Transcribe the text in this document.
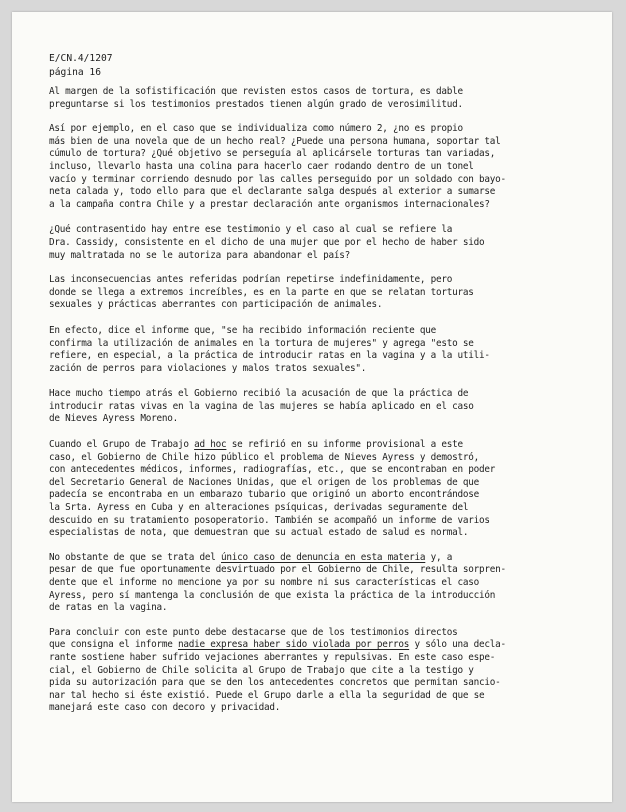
E/CN.4/1207
página 16
Al margen de la sofistificación que revisten estos casos de tortura, es dable
preguntarse si los testimonios prestados tienen algún grado de verosimilitud.
Así por ejemplo, en el caso que se individualiza como número 2, ¿no es propio
más bien de una novela que de un hecho real? ¿Puede una persona humana, soportar tal
cúmulo de tortura? ¿Qué objetivo se perseguía al aplicársele torturas tan variadas,
incluso, llevarlo hasta una colina para hacerlo caer rodando dentro de un tonel
vacío y terminar corriendo desnudo por las calles perseguido por un soldado con bayo-
neta calada y, todo ello para que el declarante salga después al exterior a sumarse
a la campaña contra Chile y a prestar declaración ante organismos internacionales?
¿Qué contrasentido hay entre ese testimonio y el caso al cual se refiere la
Dra. Cassidy, consistente en el dicho de una mujer que por el hecho de haber sido
muy maltratada no se le autoriza para abandonar el país?
Las inconsecuencias antes referidas podrían repetirse indefinidamente, pero
donde se llega a extremos increíbles, es en la parte en que se relatan torturas
sexuales y prácticas aberrantes con participación de animales.
En efecto, dice el informe que, "se ha recibido información reciente que
confirma la utilización de animales en la tortura de mujeres" y agrega "esto se
refiere, en especial, a la práctica de introducir ratas en la vagina y a la utili-
zación de perros para violaciones y malos tratos sexuales".
Hace mucho tiempo atrás el Gobierno recibió la acusación de que la práctica de
introducir ratas vivas en la vagina de las mujeres se había aplicado en el caso
de Nieves Ayress Moreno.
Cuando el Grupo de Trabajo ad hoc se refirió en su informe provisional a este
caso, el Gobierno de Chile hizo público el problema de Nieves Ayress y demostró,
con antecedentes médicos, informes, radiografías, etc., que se encontraban en poder
del Secretario General de Naciones Unidas, que el origen de los problemas de que
padecía se encontraba en un embarazo tubario que originó un aborto encontrándose
la Srta. Ayress en Cuba y en alteraciones psíquicas, derivadas seguramente del
descuido en su tratamiento posoperatorio. También se acompañó un informe de varios
especialistas de nota, que demuestran que su actual estado de salud es normal.
No obstante de que se trata del único caso de denuncia en esta materia y, a
pesar de que fue oportunamente desvirtuado por el Gobierno de Chile, resulta sorpren-
dente que el informe no mencione ya por su nombre ni sus características el caso
Ayress, pero sí mantenga la conclusión de que exista la práctica de la introducción
de ratas en la vagina.
Para concluir con este punto debe destacarse que de los testimonios directos
que consigna el informe nadie expresa haber sido violada por perros y sólo una decla-
rante sostiene haber sufrido vejaciones aberrantes y repulsivas. En este caso espe-
cial, el Gobierno de Chile solicita al Grupo de Trabajo que cite a la testigo y
pida su autorización para que se den los antecedentes concretos que permitan sancio-
nar tal hecho si éste existió. Puede el Grupo darle a ella la seguridad de que se
manejará este caso con decoro y privacidad.
